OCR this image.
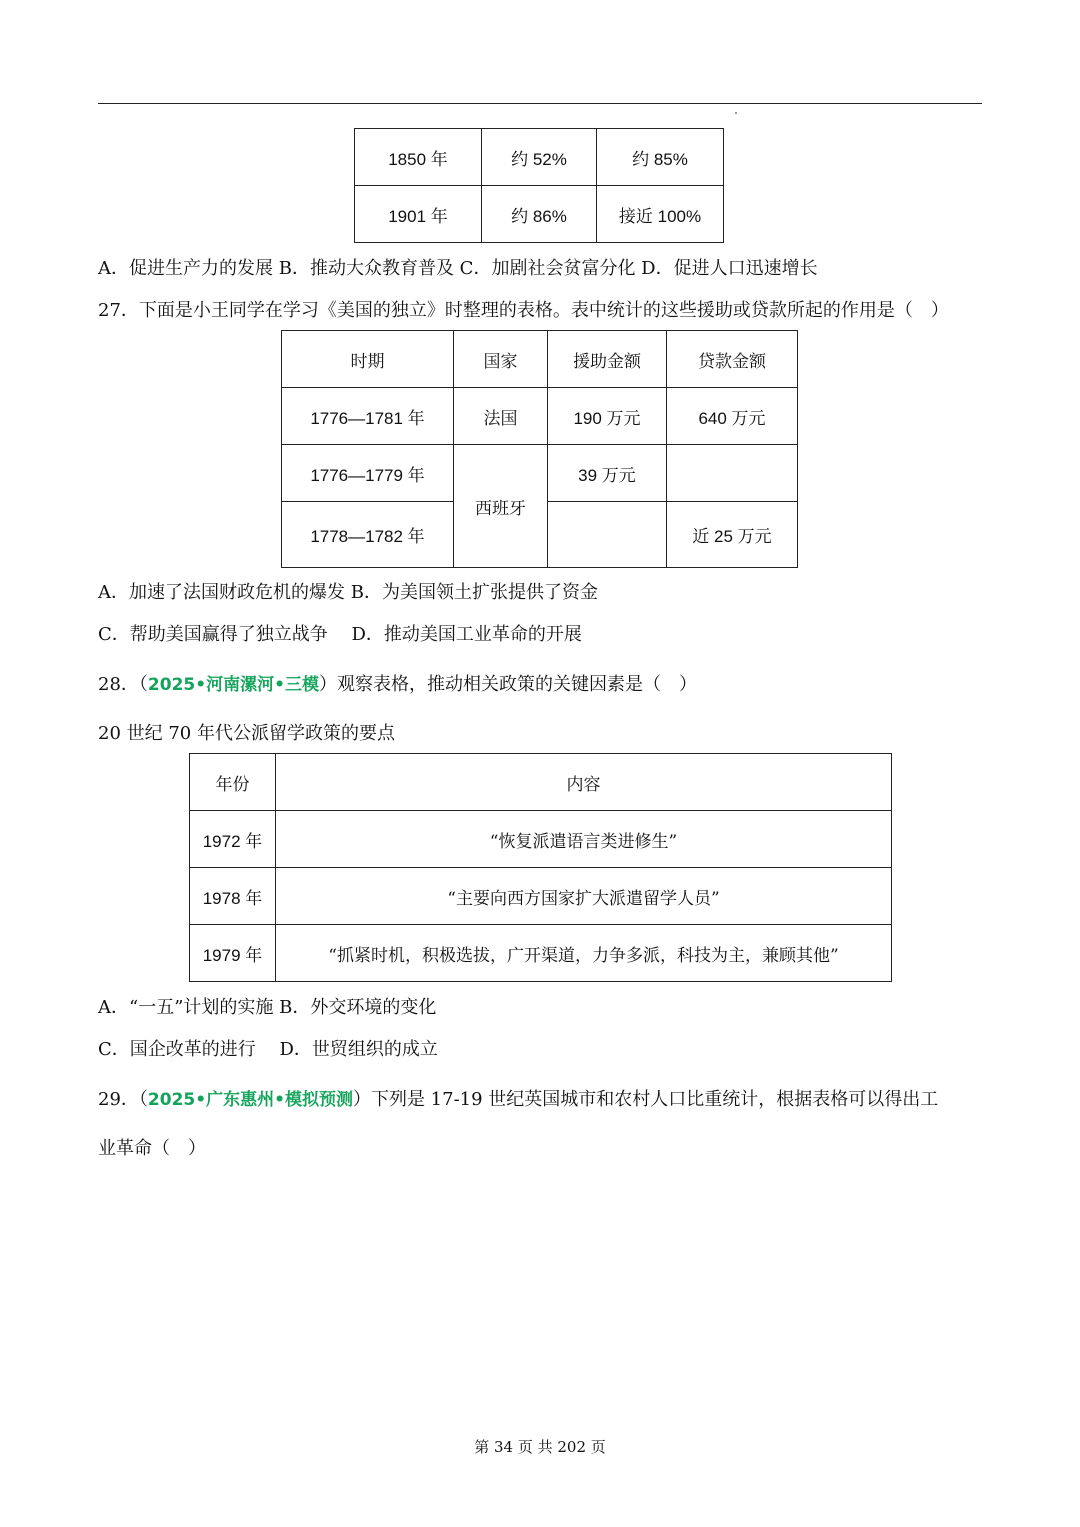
1850 年	约 52%	约 85%
1901 年	约 86%	接近 100%
A．促进生产力的发展 B．推动大众教育普及 C．加剧社会贫富分化 D．促进人口迅速增长
27．下面是小王同学在学习《美国的独立》时整理的表格。表中统计的这些援助或贷款所起的作用是（　）
时期	国家	援助金额	贷款金额
1776—1781 年	法国	190 万元	640 万元
1776—1779 年	西班牙	39 万元	
1778—1782 年			近 25 万元
A．加速了法国财政危机的爆发 B．为美国领土扩张提供了资金
C．帮助美国赢得了独立战争　 D．推动美国工业革命的开展
28．（2025•河南漯河•三模）观察表格，推动相关政策的关键因素是（　）
20 世纪 70 年代公派留学政策的要点
年份	内容
1972 年	“恢复派遣语言类进修生”
1978 年	“主要向西方国家扩大派遣留学人员”
1979 年	“抓紧时机，积极选拔，广开渠道，力争多派，科技为主，兼顾其他”
A．“一五”计划的实施 B．外交环境的变化
C．国企改革的进行　 D．世贸组织的成立
29．（2025•广东惠州•模拟预测）下列是 17-19 世纪英国城市和农村人口比重统计，根据表格可以得出工
业革命（　）
第 34 页 共 202 页
